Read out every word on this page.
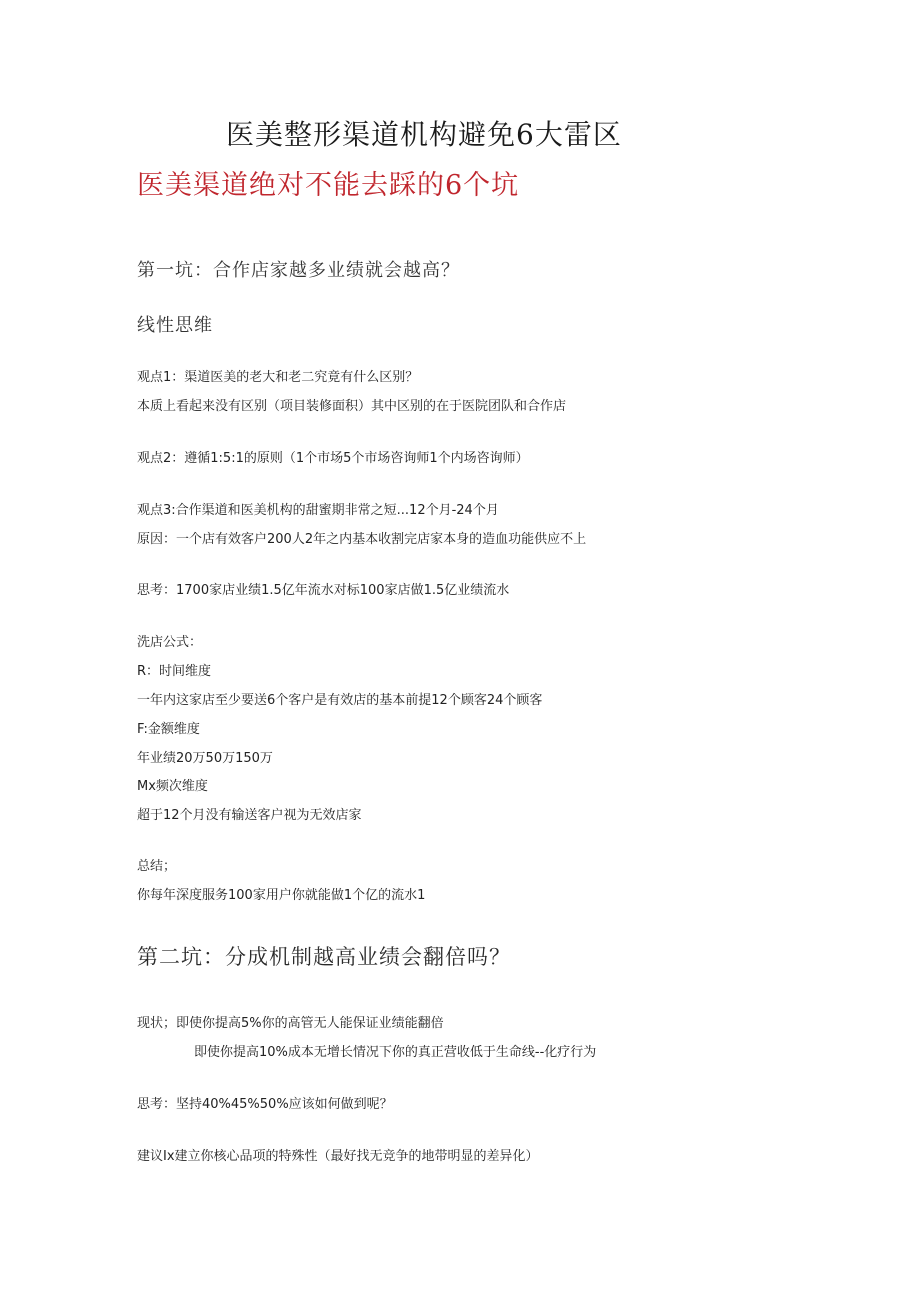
医美整形渠道机构避免6大雷区
医美渠道绝对不能去踩的6个坑
第一坑：合作店家越多业绩就会越高？
线性思维
观点1：渠道医美的老大和老二究竟有什么区别？
本质上看起来没有区别（项目装修面积）其中区别的在于医院团队和合作店
观点2：遵循1:5:1的原则（1个市场5个市场咨询师1个内场咨询师）
观点3:合作渠道和医美机构的甜蜜期非常之短...12个月-24个月
原因：一个店有效客户200人2年之内基本收割完店家本身的造血功能供应不上
思考：1700家店业绩1.5亿年流水对标100家店做1.5亿业绩流水
洗店公式：
R：时间维度
一年内这家店至少要送6个客户是有效店的基本前提12个顾客24个顾客
F:金额维度
年业绩20万50万150万
Mx频次维度
超于12个月没有输送客户视为无效店家
总结；
你每年深度服务100家用户你就能做1个亿的流水1
第二坑：分成机制越高业绩会翻倍吗？
现状；即使你提高5%你的高管无人能保证业绩能翻倍
即使你提高10%成本无增长情况下你的真正营收低于生命线--化疗行为
思考：坚持40%45%50%应该如何做到呢？
建议Ix建立你核心品项的特殊性（最好找无竞争的地带明显的差异化）
